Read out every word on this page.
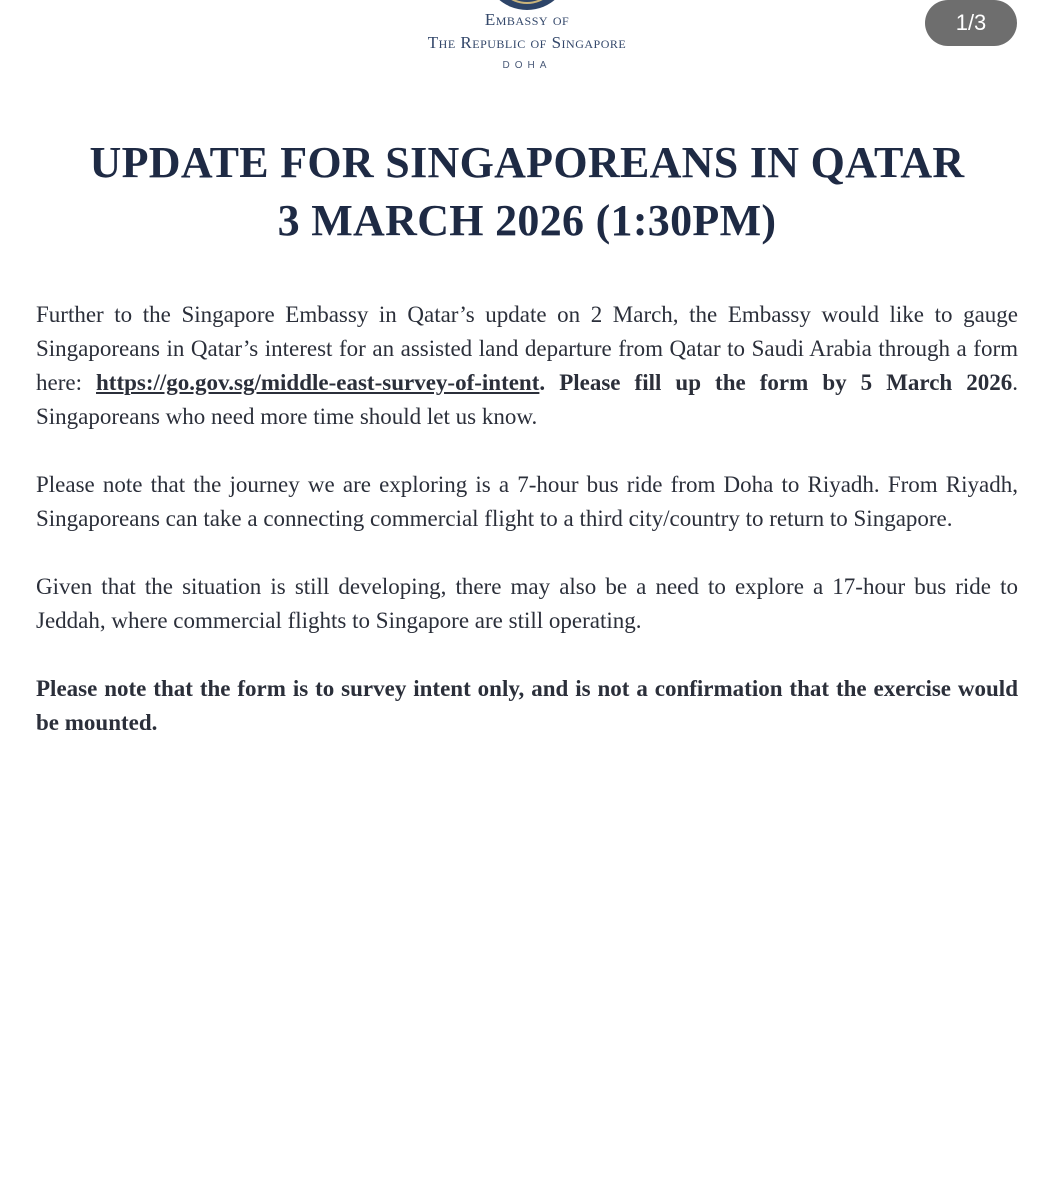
Embassy of
The Republic of Singapore
DOHA
1/3
UPDATE FOR SINGAPOREANS IN QATAR
3 MARCH 2026 (1:30PM)

Further to the Singapore Embassy in Qatar’s update on 2 March, the Embassy would like to gauge Singaporeans in Qatar’s interest for an assisted land departure from Qatar to Saudi Arabia through a form here: https://go.gov.sg/middle-east-survey-of-intent. Please fill up the form by 5 March 2026. Singaporeans who need more time should let us know.

Please note that the journey we are exploring is a 7-hour bus ride from Doha to Riyadh. From Riyadh, Singaporeans can take a connecting commercial flight to a third city/country to return to Singapore.

Given that the situation is still developing, there may also be a need to explore a 17-hour bus ride to Jeddah, where commercial flights to Singapore are still operating.

Please note that the form is to survey intent only, and is not a confirmation that the exercise would be mounted.
